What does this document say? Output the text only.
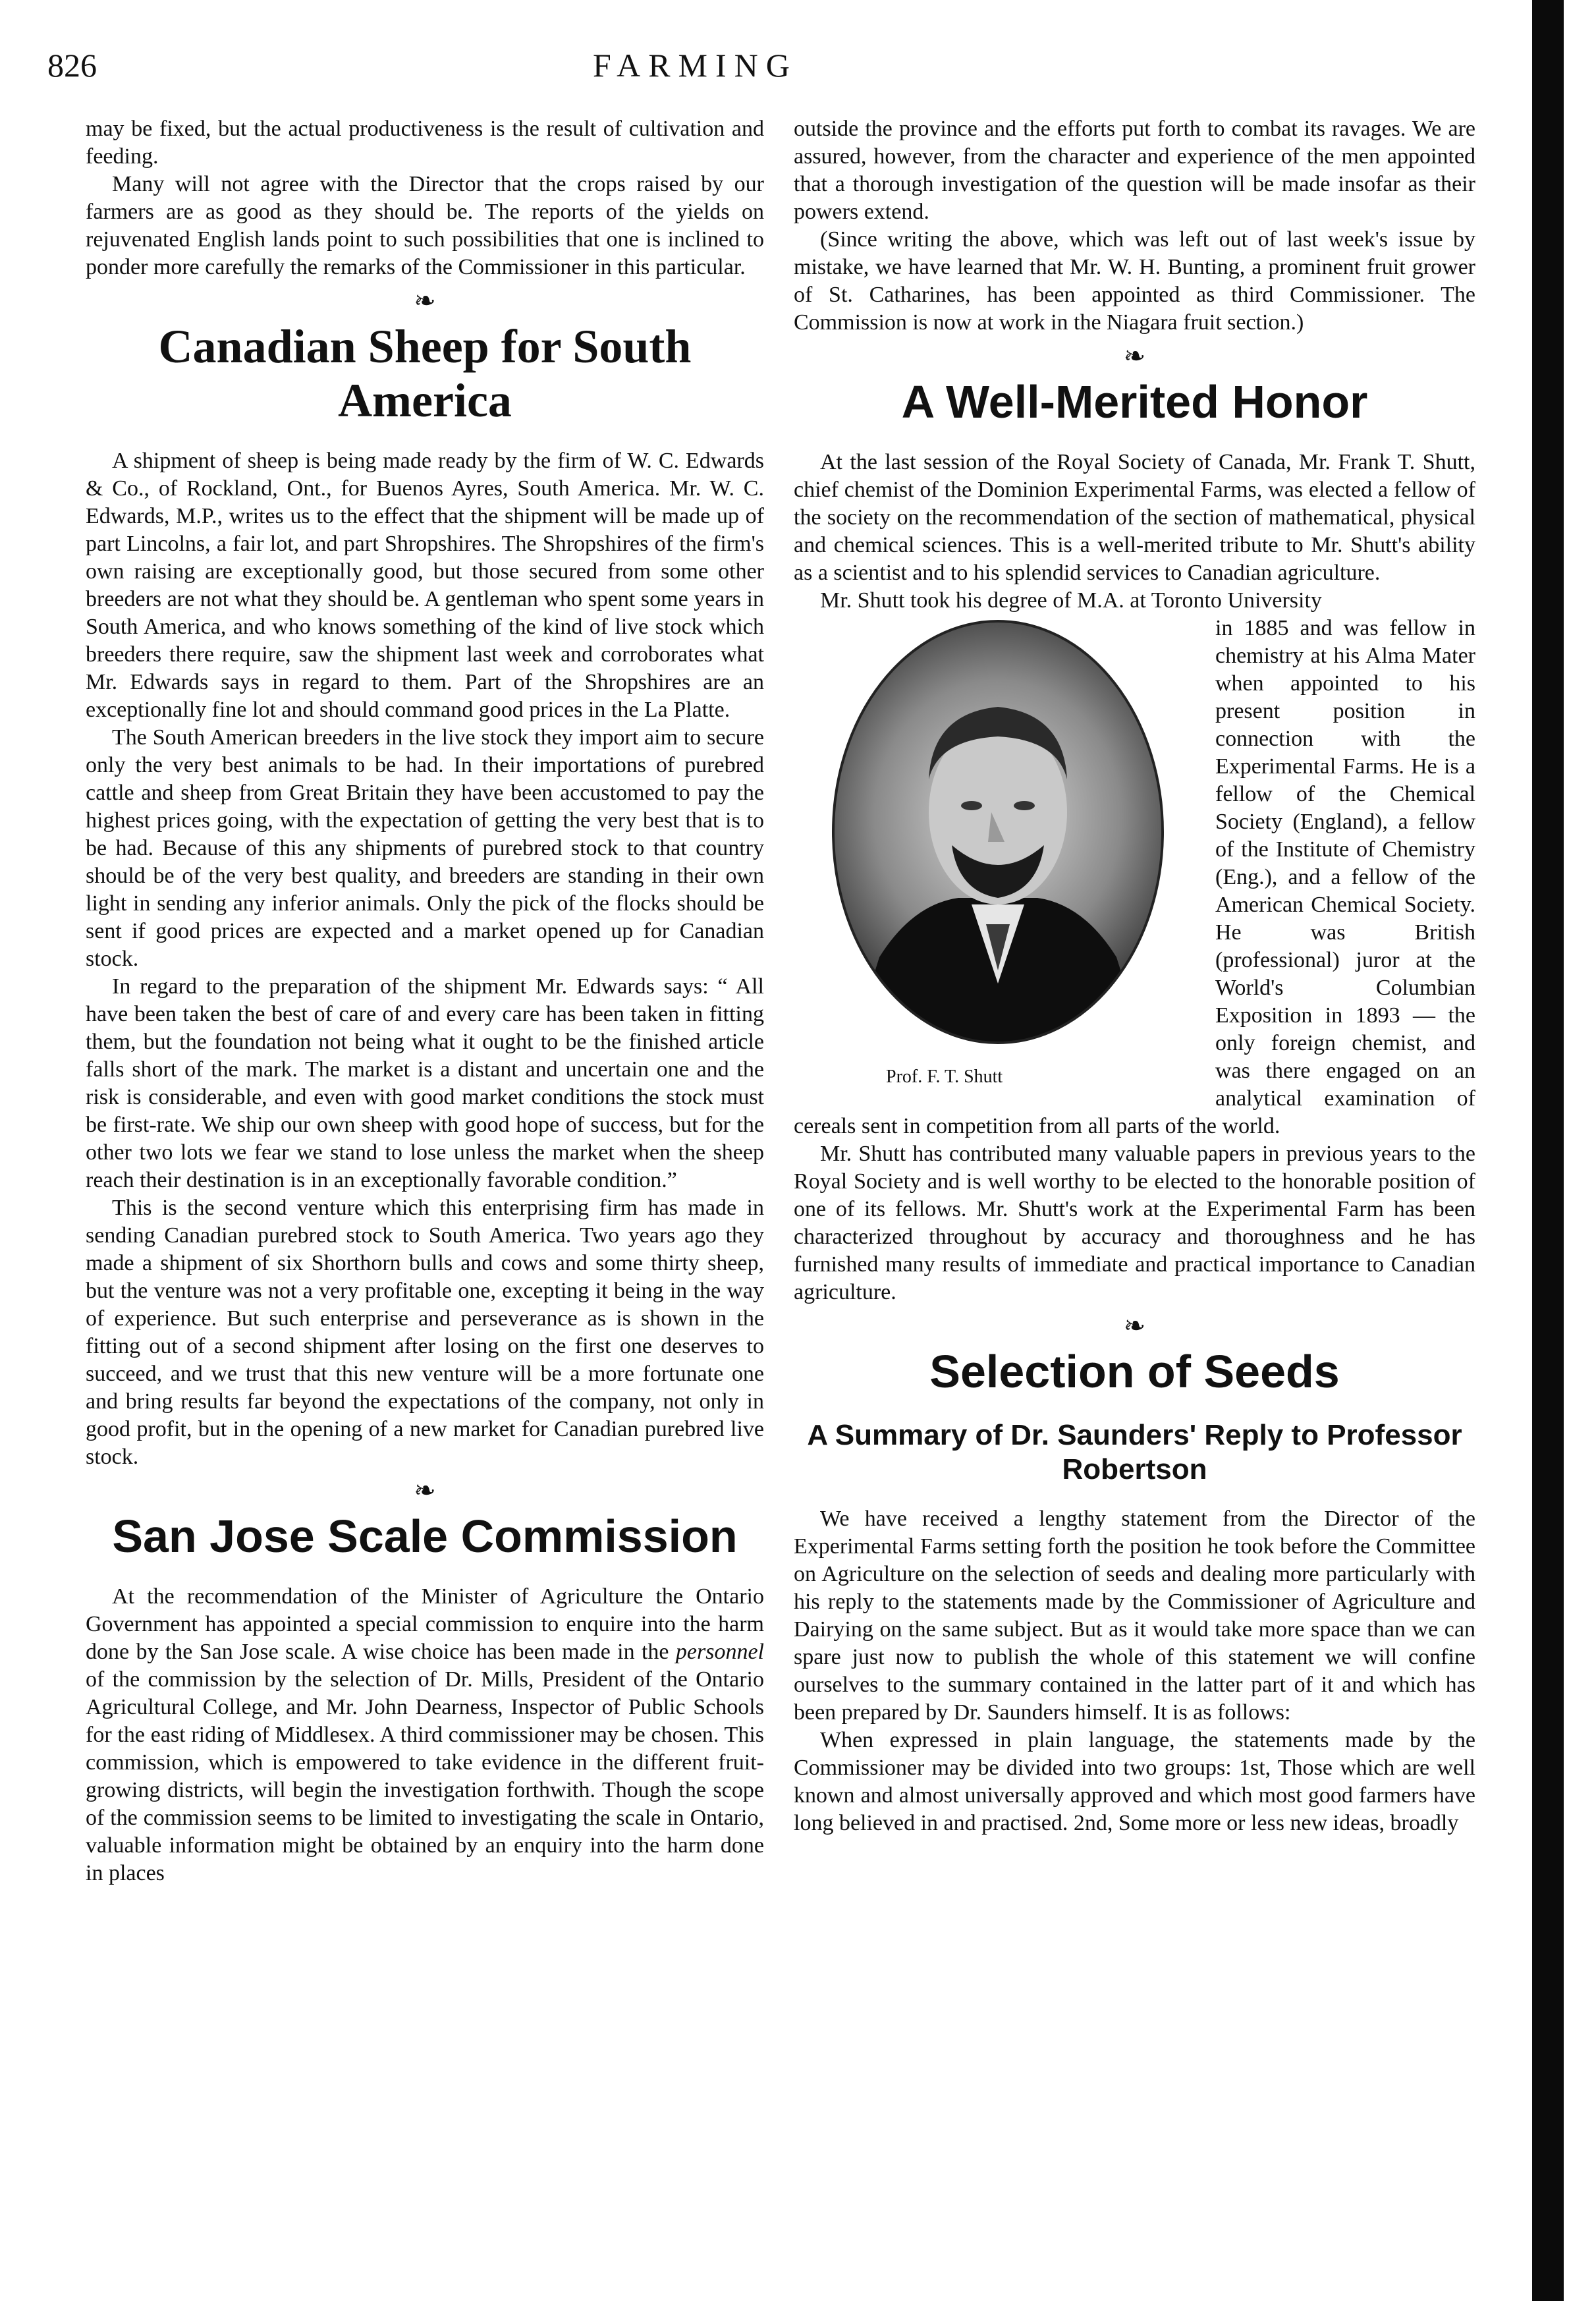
826	FARMING

may be fixed, but the actual productiveness is the result of cultivation and feeding.

Many will not agree with the Director that the crops raised by our farmers are as good as they should be. The reports of the yields on rejuvenated English lands point to such possibilities that one is inclined to ponder more carefully the remarks of the Commissioner in this particular.

❧
Canadian Sheep for South America

A shipment of sheep is being made ready by the firm of W. C. Edwards & Co., of Rockland, Ont., for Buenos Ayres, South America. Mr. W. C. Edwards, M.P., writes us to the effect that the shipment will be made up of part Lincolns, a fair lot, and part Shropshires. The Shropshires of the firm's own raising are exceptionally good, but those secured from some other breeders are not what they should be. A gentleman who spent some years in South America, and who knows something of the kind of live stock which breeders there require, saw the shipment last week and corroborates what Mr. Edwards says in regard to them. Part of the Shropshires are an exceptionally fine lot and should command good prices in the La Platte.

The South American breeders in the live stock they import aim to secure only the very best animals to be had. In their importations of purebred cattle and sheep from Great Britain they have been accustomed to pay the highest prices going, with the expectation of getting the very best that is to be had. Because of this any shipments of purebred stock to that country should be of the very best quality, and breeders are standing in their own light in sending any inferior animals. Only the pick of the flocks should be sent if good prices are expected and a market opened up for Canadian stock.

In regard to the preparation of the shipment Mr. Edwards says: “ All have been taken the best of care of and every care has been taken in fitting them, but the foundation not being what it ought to be the finished article falls short of the mark. The market is a distant and uncertain one and the risk is considerable, and even with good market conditions the stock must be first-rate. We ship our own sheep with good hope of success, but for the other two lots we fear we stand to lose unless the market when the sheep reach their destination is in an exceptionally favorable condition.”

This is the second venture which this enterprising firm has made in sending Canadian purebred stock to South America. Two years ago they made a shipment of six Shorthorn bulls and cows and some thirty sheep, but the venture was not a very profitable one, excepting it being in the way of experience. But such enterprise and perseverance as is shown in the fitting out of a second shipment after losing on the first one deserves to succeed, and we trust that this new venture will be a more fortunate one and bring results far beyond the expectations of the company, not only in good profit, but in the opening of a new market for Canadian purebred live stock.

❧
San Jose Scale Commission

At the recommendation of the Minister of Agriculture the Ontario Government has appointed a special commission to enquire into the harm done by the San Jose scale. A wise choice has been made in the personnel of the commission by the selection of Dr. Mills, President of the Ontario Agricultural College, and Mr. John Dearness, Inspector of Public Schools for the east riding of Middlesex. A third commissioner may be chosen. This commission, which is empowered to take evidence in the different fruit-growing districts, will begin the investigation forthwith. Though the scope of the commission seems to be limited to investigating the scale in Ontario, valuable information might be obtained by an enquiry into the harm done in places

outside the province and the efforts put forth to combat its ravages. We are assured, however, from the character and experience of the men appointed that a thorough investigation of the question will be made insofar as their powers extend.

(Since writing the above, which was left out of last week's issue by mistake, we have learned that Mr. W. H. Bunting, a prominent fruit grower of St. Catharines, has been appointed as third Commissioner. The Commission is now at work in the Niagara fruit section.)

❧
A Well-Merited Honor

At the last session of the Royal Society of Canada, Mr. Frank T. Shutt, chief chemist of the Dominion Experimental Farms, was elected a fellow of the society on the recommendation of the section of mathematical, physical and chemical sciences. This is a well-merited tribute to Mr. Shutt's ability as a scientist and to his splendid services to Canadian agriculture.

Mr. Shutt took his degree of M.A. at Toronto University

Prof. F. T. Shutt

in 1885 and was fellow in chemistry at his Alma Mater when appointed to his present position in connection with the Experimental Farms. He is a fellow of the Chemical Society (England), a fellow of the Institute of Chemistry (Eng.), and a fellow of the American Chemical Society. He was British (professional) juror at the World's Columbian Exposition in 1893 — the only foreign chemist, and was there engaged on an analytical examination of cereals sent in competition from all parts of the world.

Mr. Shutt has contributed many valuable papers in previous years to the Royal Society and is well worthy to be elected to the honorable position of one of its fellows. Mr. Shutt's work at the Experimental Farm has been characterized throughout by accuracy and thoroughness and he has furnished many results of immediate and practical importance to Canadian agriculture.

❧
Selection of Seeds
A Summary of Dr. Saunders' Reply to Professor Robertson

We have received a lengthy statement from the Director of the Experimental Farms setting forth the position he took before the Committee on Agriculture on the selection of seeds and dealing more particularly with his reply to the statements made by the Commissioner of Agriculture and Dairying on the same subject. But as it would take more space than we can spare just now to publish the whole of this statement we will confine ourselves to the summary contained in the latter part of it and which has been prepared by Dr. Saunders himself. It is as follows:

When expressed in plain language, the statements made by the Commissioner may be divided into two groups: 1st, Those which are well known and almost universally approved and which most good farmers have long believed in and practised. 2nd, Some more or less new ideas, broadly
